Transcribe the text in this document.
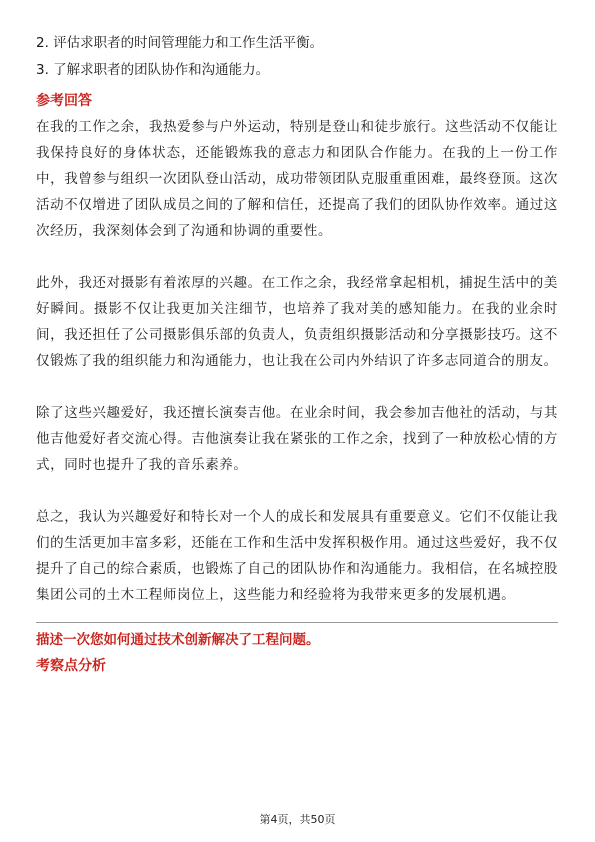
2. 评估求职者的时间管理能力和工作生活平衡。

3. 了解求职者的团队协作和沟通能力。

参考回答

在我的工作之余，我热爱参与户外运动，特别是登山和徒步旅行。这些活动不仅能让我保持良好的身体状态，还能锻炼我的意志力和团队合作能力。在我的上一份工作中，我曾参与组织一次团队登山活动，成功带领团队克服重重困难，最终登顶。这次活动不仅增进了团队成员之间的了解和信任，还提高了我们的团队协作效率。通过这次经历，我深刻体会到了沟通和协调的重要性。

此外，我还对摄影有着浓厚的兴趣。在工作之余，我经常拿起相机，捕捉生活中的美好瞬间。摄影不仅让我更加关注细节，也培养了我对美的感知能力。在我的业余时间，我还担任了公司摄影俱乐部的负责人，负责组织摄影活动和分享摄影技巧。这不仅锻炼了我的组织能力和沟通能力，也让我在公司内外结识了许多志同道合的朋友。

除了这些兴趣爱好，我还擅长演奏吉他。在业余时间，我会参加吉他社的活动，与其他吉他爱好者交流心得。吉他演奏让我在紧张的工作之余，找到了一种放松心情的方式，同时也提升了我的音乐素养。

总之，我认为兴趣爱好和特长对一个人的成长和发展具有重要意义。它们不仅能让我们的生活更加丰富多彩，还能在工作和生活中发挥积极作用。通过这些爱好，我不仅提升了自己的综合素质，也锻炼了自己的团队协作和沟通能力。我相信，在名城控股集团公司的土木工程师岗位上，这些能力和经验将为我带来更多的发展机遇。

描述一次您如何通过技术创新解决了工程问题。

考察点分析

第4页，共50页
